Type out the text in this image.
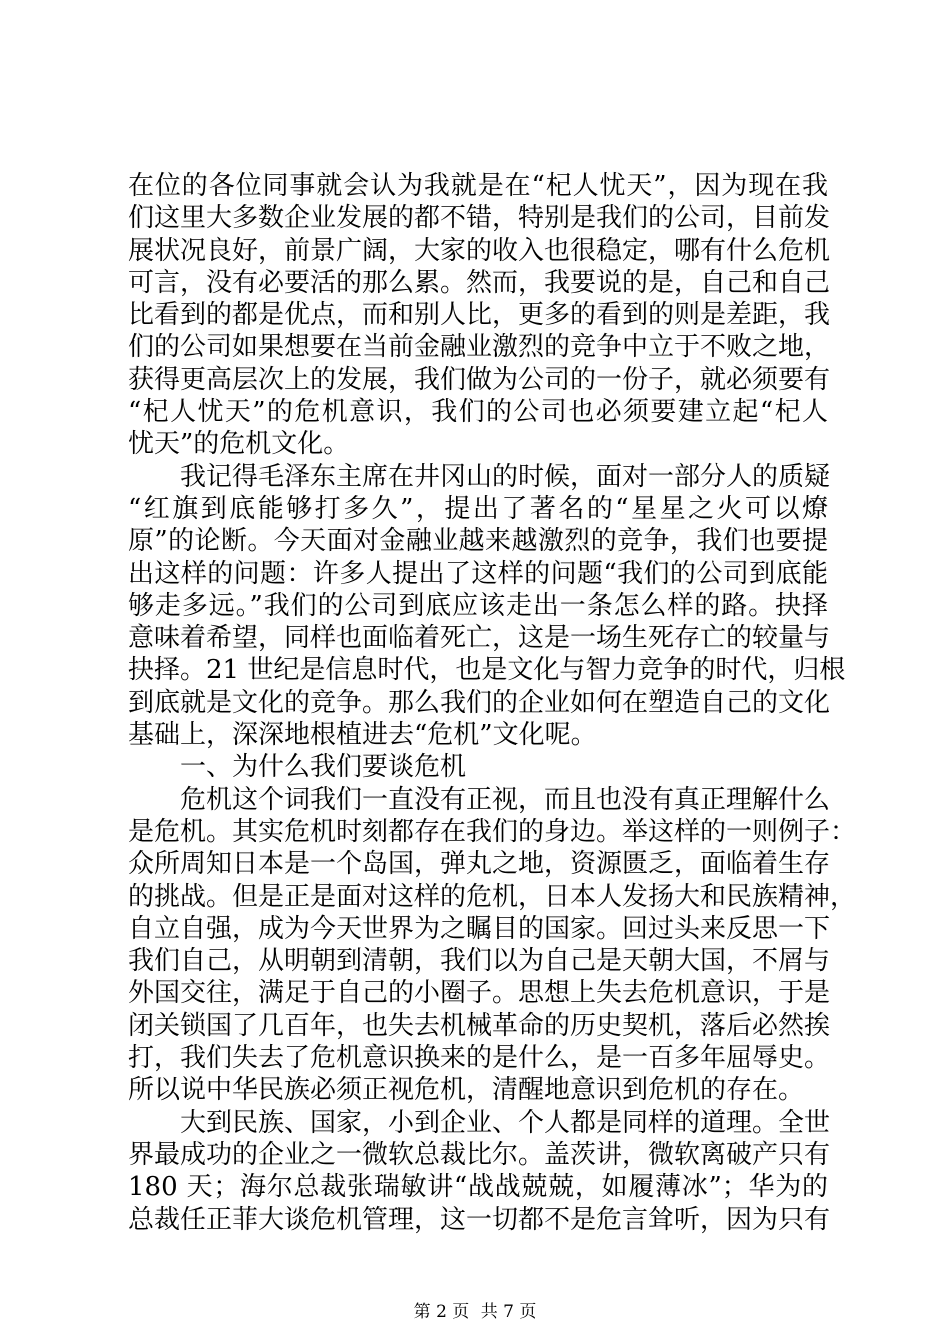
在位的各位同事就会认为我就是在“杞人忧天”，因为现在我
们这里大多数企业发展的都不错，特别是我们的公司，目前发
展状况良好，前景广阔，大家的收入也很稳定，哪有什么危机
可言，没有必要活的那么累。然而，我要说的是，自己和自己
比看到的都是优点，而和别人比，更多的看到的则是差距，我
们的公司如果想要在当前金融业激烈的竞争中立于不败之地，
获得更高层次上的发展，我们做为公司的一份子，就必须要有
“杞人忧天”的危机意识，我们的公司也必须要建立起“杞人
忧天”的危机文化。
我记得毛泽东主席在井冈山的时候，面对一部分人的质疑
“红旗到底能够打多久”，提出了著名的“星星之火可以燎
原”的论断。今天面对金融业越来越激烈的竞争，我们也要提
出这样的问题：许多人提出了这样的问题“我们的公司到底能
够走多远。”我们的公司到底应该走出一条怎么样的路。抉择
意味着希望，同样也面临着死亡，这是一场生死存亡的较量与
抉择。21 世纪是信息时代，也是文化与智力竞争的时代，归根
到底就是文化的竞争。那么我们的企业如何在塑造自己的文化
基础上，深深地根植进去“危机”文化呢。
一、为什么我们要谈危机
危机这个词我们一直没有正视，而且也没有真正理解什么
是危机。其实危机时刻都存在我们的身边。举这样的一则例子：
众所周知日本是一个岛国，弹丸之地，资源匮乏，面临着生存
的挑战。但是正是面对这样的危机，日本人发扬大和民族精神，
自立自强，成为今天世界为之瞩目的国家。回过头来反思一下
我们自己，从明朝到清朝，我们以为自己是天朝大国，不屑与
外国交往，满足于自己的小圈子。思想上失去危机意识，于是
闭关锁国了几百年，也失去机械革命的历史契机，落后必然挨
打，我们失去了危机意识换来的是什么，是一百多年屈辱史。
所以说中华民族必须正视危机，清醒地意识到危机的存在。
大到民族、国家，小到企业、个人都是同样的道理。全世
界最成功的企业之一微软总裁比尔。盖茨讲，微软离破产只有
180 天；海尔总裁张瑞敏讲“战战兢兢，如履薄冰”；华为的
总裁任正菲大谈危机管理，这一切都不是危言耸听，因为只有
第 2 页 共 7 页
